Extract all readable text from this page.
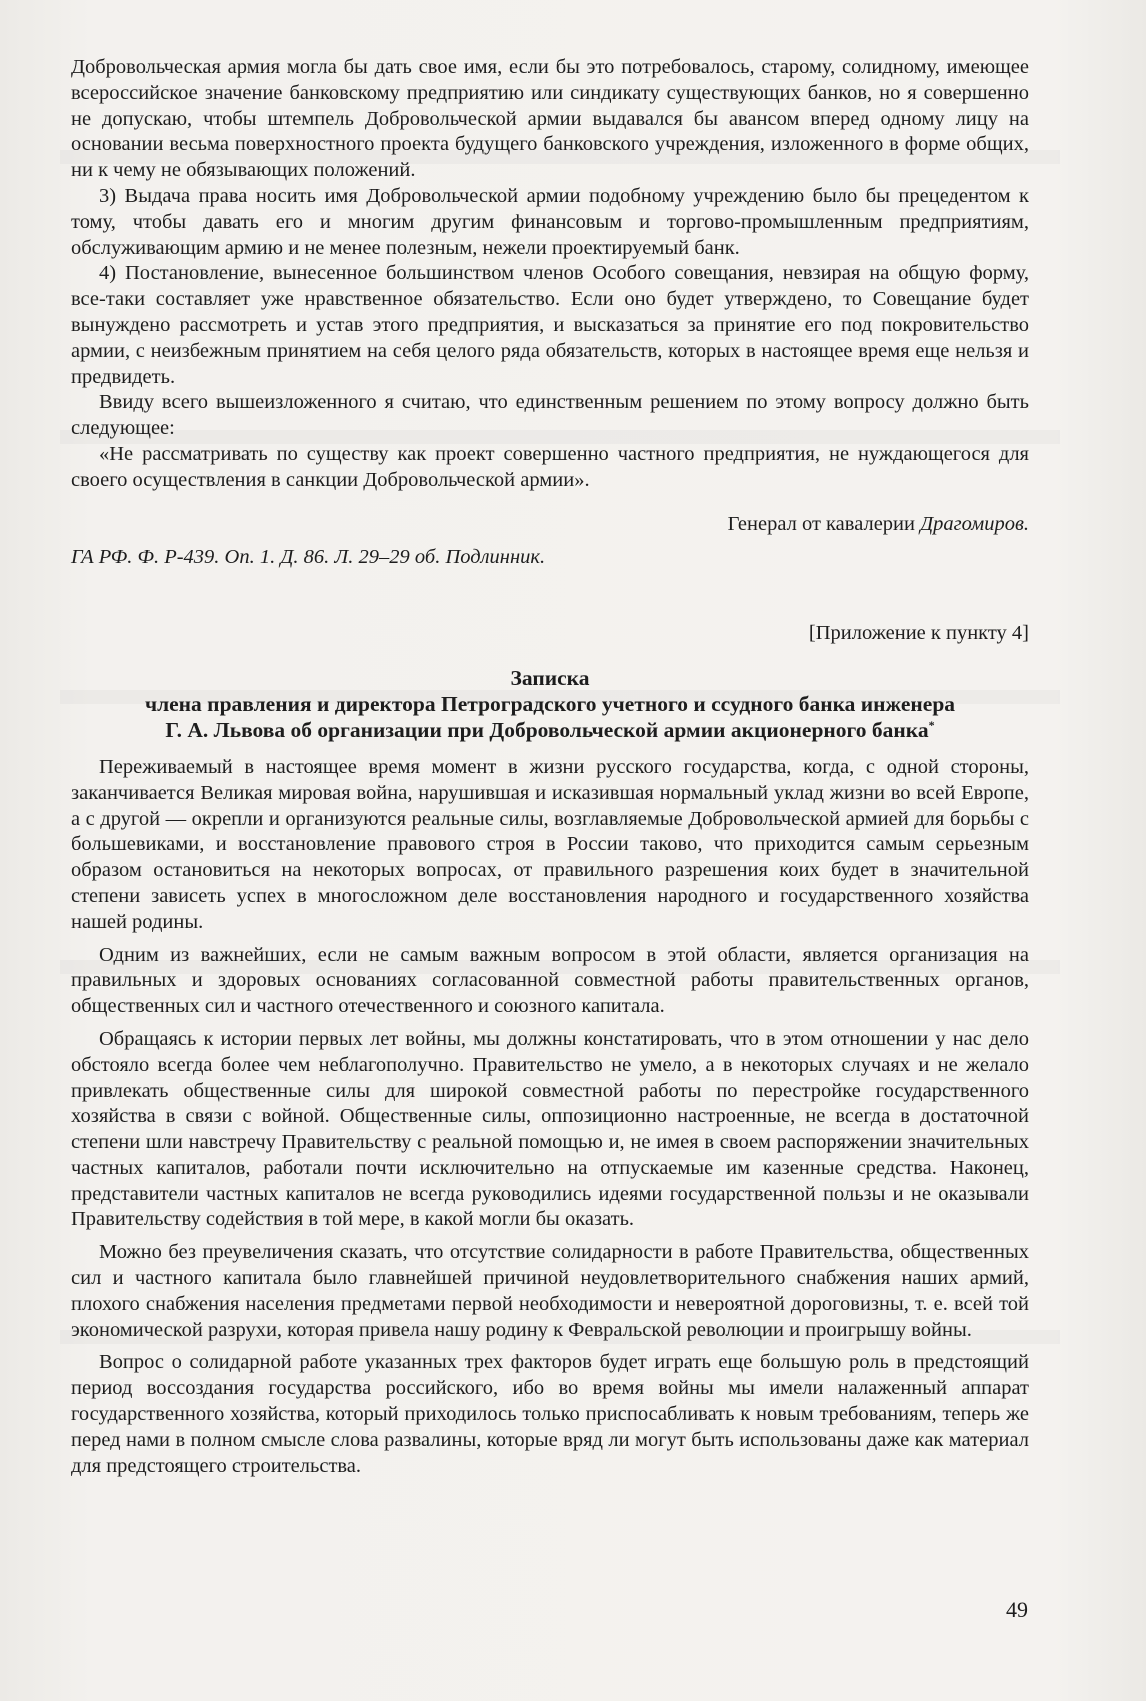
Добровольческая армия могла бы дать свое имя, если бы это потребовалось, старому, солидному, имеющее всероссийское значение банковскому предприятию или синдикату существующих банков, но я совершенно не допускаю, чтобы штемпель Добровольческой армии выдавался бы авансом вперед одному лицу на основании весьма поверхностного проекта будущего банковского учреждения, изложенного в форме общих, ни к чему не обязывающих положений.

3) Выдача права носить имя Добровольческой армии подобному учреждению было бы прецедентом к тому, чтобы давать его и многим другим финансовым и торгово-промышленным предприятиям, обслуживающим армию и не менее полезным, нежели проектируемый банк.

4) Постановление, вынесенное большинством членов Особого совещания, невзирая на общую форму, все-таки составляет уже нравственное обязательство. Если оно будет утверждено, то Совещание будет вынуждено рассмотреть и устав этого предприятия, и высказаться за принятие его под покровительство армии, с неизбежным принятием на себя целого ряда обязательств, которых в настоящее время еще нельзя и предвидеть.

Ввиду всего вышеизложенного я считаю, что единственным решением по этому вопросу должно быть следующее:

«Не рассматривать по существу как проект совершенно частного предприятия, не нуждающегося для своего осуществления в санкции Добровольческой армии».

Генерал от кавалерии Драгомиров.

ГА РФ. Ф. Р-439. Оп. 1. Д. 86. Л. 29–29 об. Подлинник.

[Приложение к пункту 4]

Записка
члена правления и директора Петроградского учетного и ссудного банка инженера
Г. А. Львова об организации при Добровольческой армии акционерного банка*

Переживаемый в настоящее время момент в жизни русского государства, когда, с одной стороны, заканчивается Великая мировая война, нарушившая и исказившая нормальный уклад жизни во всей Европе, а с другой — окрепли и организуются реальные силы, возглавляемые Добровольческой армией для борьбы с большевиками, и восстановление правового строя в России таково, что приходится самым серьезным образом остановиться на некоторых вопросах, от правильного разрешения коих будет в значительной степени зависеть успех в многосложном деле восстановления народного и государственного хозяйства нашей родины.

Одним из важнейших, если не самым важным вопросом в этой области, является организация на правильных и здоровых основаниях согласованной совместной работы правительственных органов, общественных сил и частного отечественного и союзного капитала.

Обращаясь к истории первых лет войны, мы должны констатировать, что в этом отношении у нас дело обстояло всегда более чем неблагополучно. Правительство не умело, а в некоторых случаях и не желало привлекать общественные силы для широкой совместной работы по перестройке государственного хозяйства в связи с войной. Общественные силы, оппозиционно настроенные, не всегда в достаточной степени шли навстречу Правительству с реальной помощью и, не имея в своем распоряжении значительных частных капиталов, работали почти исключительно на отпускаемые им казенные средства. Наконец, представители частных капиталов не всегда руководились идеями государственной пользы и не оказывали Правительству содействия в той мере, в какой могли бы оказать.

Можно без преувеличения сказать, что отсутствие солидарности в работе Правительства, общественных сил и частного капитала было главнейшей причиной неудовлетворительного снабжения наших армий, плохого снабжения населения предметами первой необходимости и невероятной дороговизны, т. е. всей той экономической разрухи, которая привела нашу родину к Февральской революции и проигрышу войны.

Вопрос о солидарной работе указанных трех факторов будет играть еще большую роль в предстоящий период воссоздания государства российского, ибо во время войны мы имели налаженный аппарат государственного хозяйства, который приходилось только приспосабливать к новым требованиям, теперь же перед нами в полном смысле слова развалины, которые вряд ли могут быть использованы даже как материал для предстоящего строительства.

49
